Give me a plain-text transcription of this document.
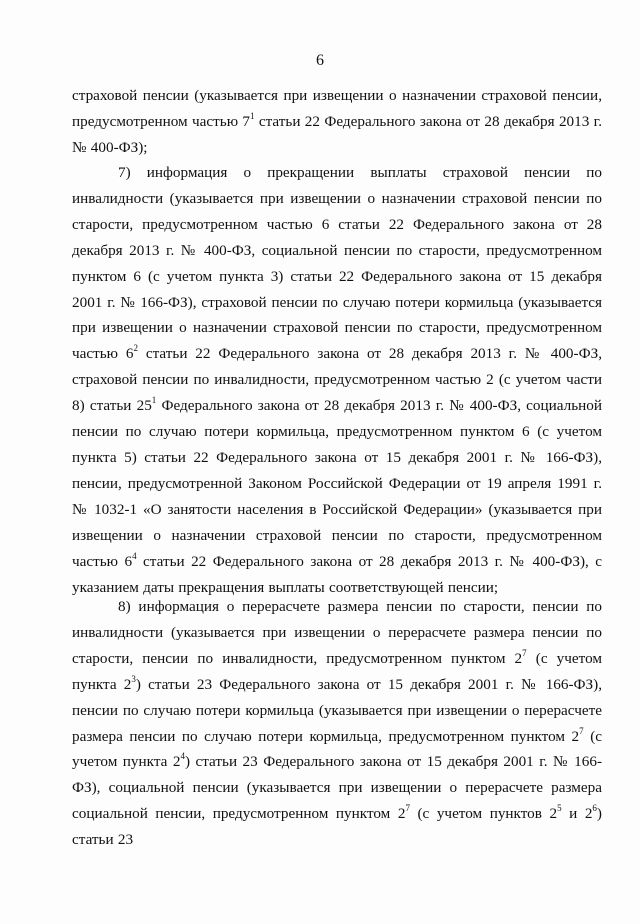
6

страховой пенсии (указывается при извещении о назначении страховой пенсии, предусмотренном частью $7^1$ статьи 22 Федерального закона от 28 декабря 2013 г. № 400-ФЗ);

7) информация о прекращении выплаты страховой пенсии по инвалидности (указывается при извещении о назначении страховой пенсии по старости, предусмотренном частью 6 статьи 22 Федерального закона от 28 декабря 2013 г. № 400-ФЗ, социальной пенсии по старости, предусмотренном пунктом 6 (с учетом пункта 3) статьи 22 Федерального закона от 15 декабря 2001 г. № 166-ФЗ), страховой пенсии по случаю потери кормильца (указывается при извещении о назначении страховой пенсии по старости, предусмотренном частью $6^2$ статьи 22 Федерального закона от 28 декабря 2013 г. № 400-ФЗ, страховой пенсии по инвалидности, предусмотренном частью 2 (с учетом части 8) статьи $25^1$ Федерального закона от 28 декабря 2013 г. № 400-ФЗ, социальной пенсии по случаю потери кормильца, предусмотренном пунктом 6 (с учетом пункта 5) статьи 22 Федерального закона от 15 декабря 2001 г. № 166-ФЗ), пенсии, предусмотренной Законом Российской Федерации от 19 апреля 1991 г. № 1032-1 «О занятости населения в Российской Федерации» (указывается при извещении о назначении страховой пенсии по старости, предусмотренном частью $6^4$ статьи 22 Федерального закона от 28 декабря 2013 г. № 400-ФЗ), с указанием даты прекращения выплаты соответствующей пенсии;

8) информация о перерасчете размера пенсии по старости, пенсии по инвалидности (указывается при извещении о перерасчете размера пенсии по старости, пенсии по инвалидности, предусмотренном пунктом $2^7$ (с учетом пункта $2^3$) статьи 23 Федерального закона от 15 декабря 2001 г. № 166-ФЗ), пенсии по случаю потери кормильца (указывается при извещении о перерасчете размера пенсии по случаю потери кормильца, предусмотренном пунктом $2^7$ (с учетом пункта $2^4$) статьи 23 Федерального закона от 15 декабря 2001 г. № 166-ФЗ), социальной пенсии (указывается при извещении о перерасчете размера социальной пенсии, предусмотренном пунктом $2^7$ (с учетом пунктов $2^5$ и $2^6$) статьи 23
